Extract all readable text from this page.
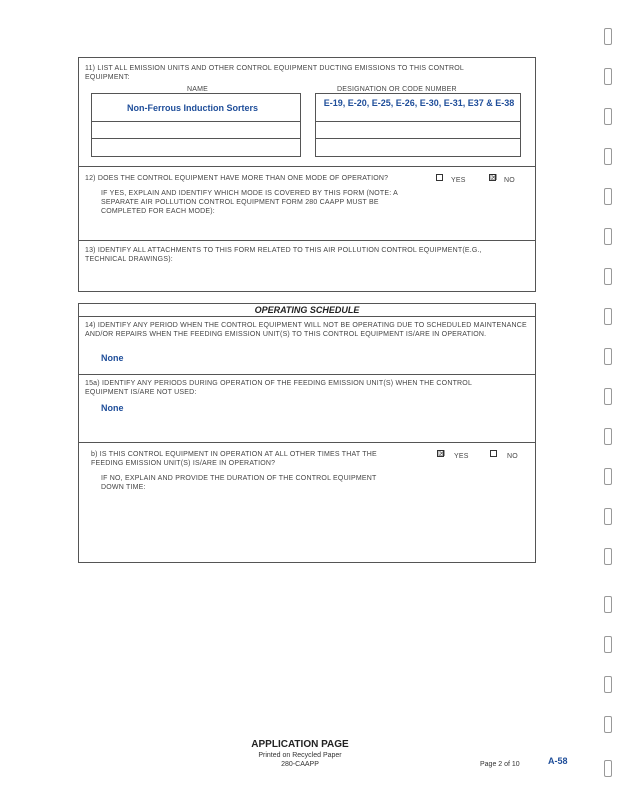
11) LIST ALL EMISSION UNITS AND OTHER CONTROL EQUIPMENT DUCTING EMISSIONS TO THIS CONTROL EQUIPMENT:
NAME	DESIGNATION OR CODE NUMBER
Non-Ferrous Induction Sorters	E-19, E-20, E-25, E-26, E-30, E-31, E37 & E-38
12) DOES THE CONTROL EQUIPMENT HAVE MORE THAN ONE MODE OF OPERATION?	YES	☒ NO
IF YES, EXPLAIN AND IDENTIFY WHICH MODE IS COVERED BY THIS FORM (NOTE: A SEPARATE AIR POLLUTION CONTROL EQUIPMENT FORM 280 CAAPP MUST BE COMPLETED FOR EACH MODE):
13) IDENTIFY ALL ATTACHMENTS TO THIS FORM RELATED TO THIS AIR POLLUTION CONTROL EQUIPMENT(E.G., TECHNICAL DRAWINGS):
OPERATING SCHEDULE
14) IDENTIFY ANY PERIOD WHEN THE CONTROL EQUIPMENT WILL NOT BE OPERATING DUE TO SCHEDULED MAINTENANCE AND/OR REPAIRS WHEN THE FEEDING EMISSION UNIT(S) TO THIS CONTROL EQUIPMENT IS/ARE IN OPERATION.
None
15a) IDENTIFY ANY PERIODS DURING OPERATION OF THE FEEDING EMISSION UNIT(S) WHEN THE CONTROL EQUIPMENT IS/ARE NOT USED:
None
b) IS THIS CONTROL EQUIPMENT IN OPERATION AT ALL OTHER TIMES THAT THE FEEDING EMISSION UNIT(S) IS/ARE IN OPERATION?
☒ YES	NO
IF NO, EXPLAIN AND PROVIDE THE DURATION OF THE CONTROL EQUIPMENT DOWN TIME:
APPLICATION PAGE
Printed on Recycled Paper
280-CAAPP	Page 2 of 10	A-58
